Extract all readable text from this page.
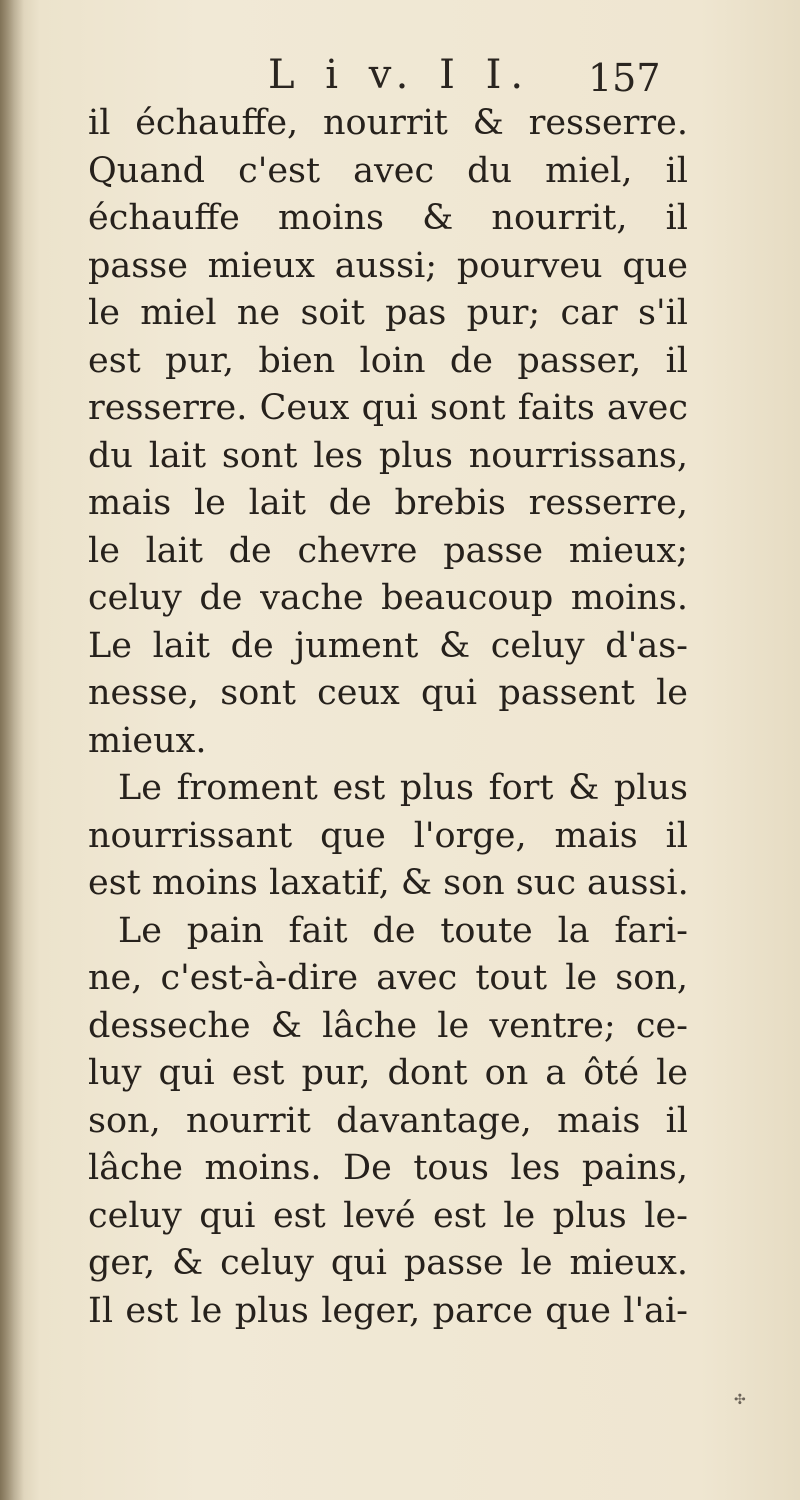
L i v. I I. 157
il échauffe, nourrit & resserre.
Quand c'est avec du miel, il
échauffe moins & nourrit, il
passe mieux aussi; pourveu que
le miel ne soit pas pur; car s'il
est pur, bien loin de passer, il
resserre. Ceux qui sont faits avec
du lait sont les plus nourrissans,
mais le lait de brebis resserre,
le lait de chevre passe mieux;
celuy de vache beaucoup moins.
Le lait de jument & celuy d'as-
nesse, sont ceux qui passent le
mieux.
Le froment est plus fort & plus
nourrissant que l'orge, mais il
est moins laxatif, & son suc aussi.
Le pain fait de toute la fari-
ne, c'est-à-dire avec tout le son,
desseche & lâche le ventre; ce-
luy qui est pur, dont on a ôté le
son, nourrit davantage, mais il
lâche moins. De tous les pains,
celuy qui est levé est le plus le-
ger, & celuy qui passe le mieux.
Il est le plus leger, parce que l'ai-
✣
